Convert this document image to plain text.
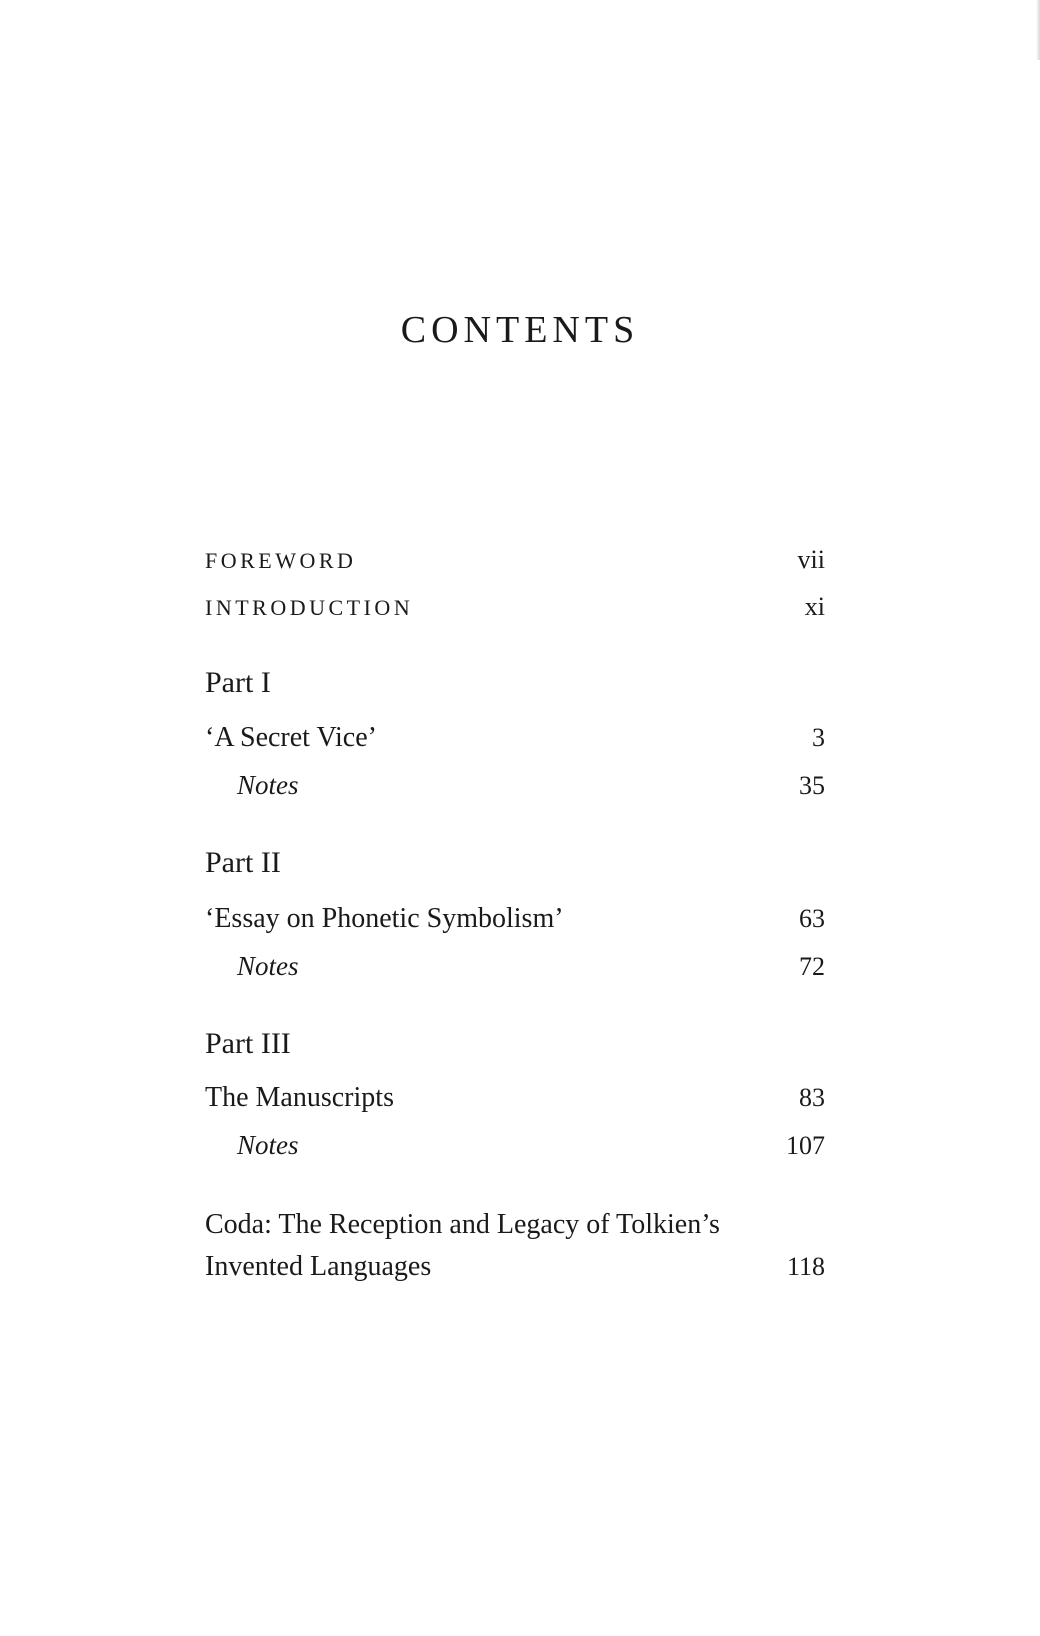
CONTENTS
FOREWORD	vii
INTRODUCTION	xi
Part I
‘A Secret Vice’	3
Notes	35
Part II
‘Essay on Phonetic Symbolism’	63
Notes	72
Part III
The Manuscripts	83
Notes	107
Coda: The Reception and Legacy of Tolkien’s
Invented Languages	118
